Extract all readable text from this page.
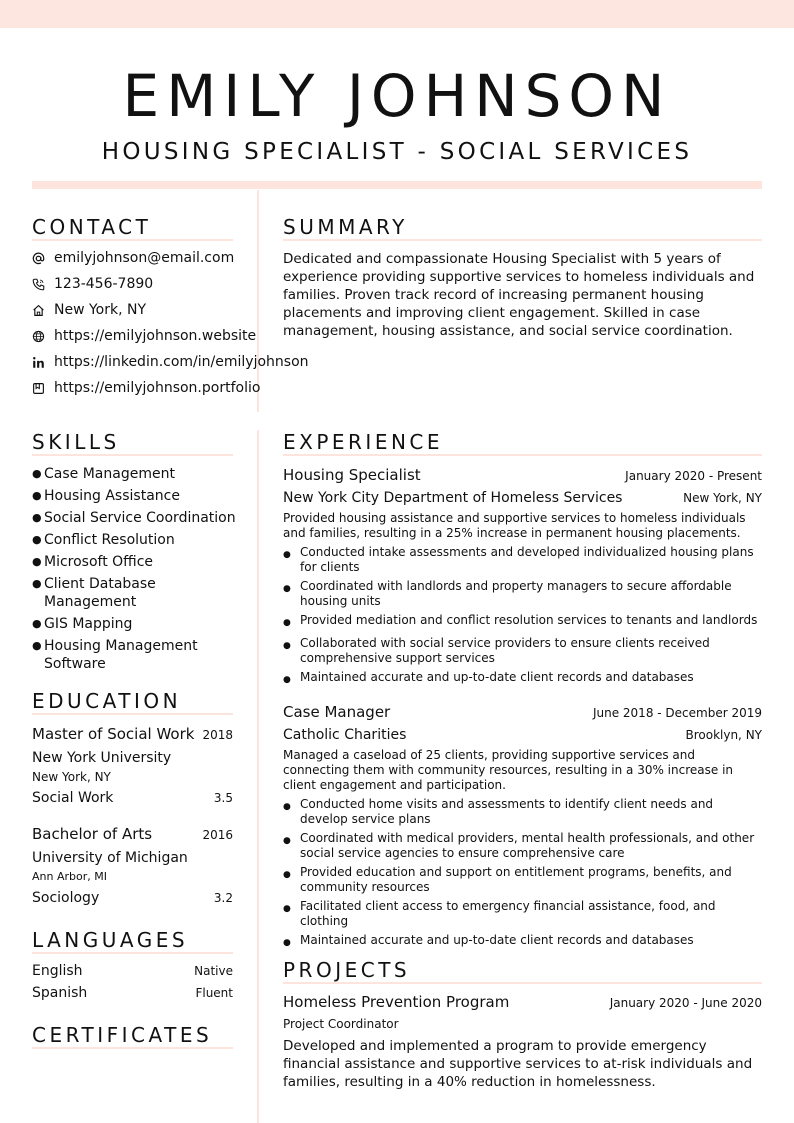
EMILY JOHNSON
HOUSING SPECIALIST - SOCIAL SERVICES
CONTACT
emilyjohnson@email.com
123-456-7890
New York, NY
https://emilyjohnson.website
https://linkedin.com/in/emilyjohnson
https://emilyjohnson.portfolio
SUMMARY

Dedicated and compassionate Housing Specialist with 5 years of experience providing supportive services to homeless individuals and families. Proven track record of increasing permanent housing placements and improving client engagement. Skilled in case management, housing assistance, and social service coordination.

SKILLS
● Case Management
● Housing Assistance
● Social Service Coordination
● Conflict Resolution
● Microsoft Office
● Client Database Management
● GIS Mapping
● Housing Management Software
EDUCATION
Master of Social Work 2018
New York University
New York, NY
Social Work	3.5
Bachelor of Arts	2016
University of Michigan
Ann Arbor, MI
Sociology	3.2
LANGUAGES
English	Native
Spanish	Fluent
CERTIFICATES
EXPERIENCE
Housing Specialist	January 2020 - Present
New York City Department of Homeless Services	New York, NY

Provided housing assistance and supportive services to homeless individuals and families, resulting in a 25% increase in permanent housing placements.

● Conducted intake assessments and developed individualized housing plans for clients
● Coordinated with landlords and property managers to secure affordable housing units
● Provided mediation and conflict resolution services to tenants and landlords
● Collaborated with social service providers to ensure clients received comprehensive support services
● Maintained accurate and up-to-date client records and databases
Case Manager	June 2018 - December 2019
Catholic Charities	Brooklyn, NY

Managed a caseload of 25 clients, providing supportive services and connecting them with community resources, resulting in a 30% increase in client engagement and participation.

● Conducted home visits and assessments to identify client needs and develop service plans
● Coordinated with medical providers, mental health professionals, and other social service agencies to ensure comprehensive care
● Provided education and support on entitlement programs, benefits, and community resources
● Facilitated client access to emergency financial assistance, food, and clothing
● Maintained accurate and up-to-date client records and databases
PROJECTS
Homeless Prevention Program	January 2020 - June 2020
Project Coordinator

Developed and implemented a program to provide emergency financial assistance and supportive services to at-risk individuals and families, resulting in a 40% reduction in homelessness.
